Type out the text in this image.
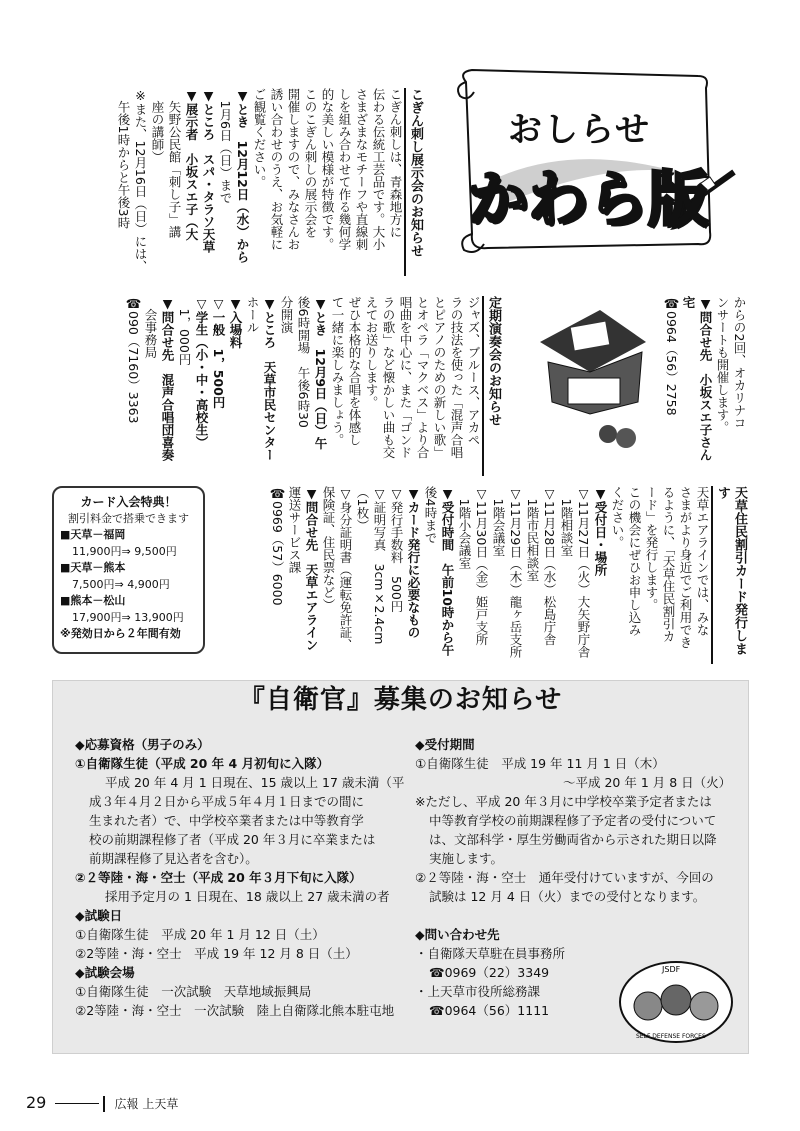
おしらせ
かわら版
こぎん刺し展示会のお知らせ

こぎん刺しは、青森地方に

伝わる伝統工芸品です。大小

さまざまなモチーフや直線刺

しを組み合わせて作る幾何学

的な美しい模様が特徴です。

このこぎん刺しの展示会を

開催しますので、みなさんお

誘い合わせのうえ、お気軽に

ご観覧ください。

▼とき　12月12日（水）から

　1月6日（日）まで

▼ところ　スパ・タラソ天草

▼展示者　小坂スエ子（大

　矢野公民館「刺し子」講

　座の講師）

※また、12月16日（日）には、

　午後1時からと午後3時

からの2回、オカリナコ

ンサートも開催します。

▼問合せ先　小坂スエ子さん宅

☎0964（56）2758

定期演奏会のお知らせ

ジャズ、ブルース、アカペ

ラの技法を使った「混声合唱

とピアノのための新しい歌」

とオペラ「マクベス」より合

唱曲を中心に、また「ゴンド

ラの歌」など懐かしい曲も交

えてお送りします。

ぜひ本格的な合唱を体感し

て一緒に楽しみましょう。

▼とき　12月9日（日）午

後6時開場　午後6時30

分開演

▼ところ　天草市民センター

ホール

▼入場料

▽一般　1，500円

▽学生（小・中・高校生）

　1，000円

▼問合せ先　混声合唱団喜奏

　会事務局

☎090（7160）3363

天草住民割引カード発行します

天草エアラインでは、みな

さまがより身近でご利用でき

るように、「天草住民割引カ

ード」を発行します。

この機会にぜひお申し込み

ください。

▼受付日・場所

▽11月27日（火）大矢野庁舎

　1階相談室

▽11月28日（水）松島庁舎

　1階市民相談室

▽11月29日（木）龍ヶ岳支所

　1階会議室

▽11月30日（金）姫戸支所

　1階小会議室

▼受付時間　午前10時から午

後4時まで

▼カード発行に必要なもの

▽発行手数料　500円

▽証明写真　3cm×2.4cm（1枚）

▽身分証明書（運転免許証、

保険証、住民票など）

▼問合せ先　天草エアライン

運送サービス課

☎0969（57）6000

カード入会特典！
割引料金で搭乗できます
■天草－福岡
11,900円⇒ 9,500円
■天草－熊本
7,500円⇒ 4,900円
■熊本－松山
17,900円⇒ 13,900円
※発効日から２年間有効
『自衛官』募集のお知らせ
◆応募資格（男子のみ）
①自衛隊生徒（平成 20 年 4 月初旬に入隊）
平成 20 年 4 月 1 日現在、15 歳以上 17 歳未満（平
成３年４月２日から平成５年４月１日までの間に
生まれた者）で、中学校卒業者または中等教育学
校の前期課程修了者（平成 20 年３月に卒業または
前期課程修了見込者を含む）。
②２等陸・海・空士（平成 20 年３月下旬に入隊）
採用予定月の 1 日現在、18 歳以上 27 歳未満の者
◆試験日
①自衛隊生徒　平成 20 年 1 月 12 日（土）
②2等陸・海・空士　平成 19 年 12 月 8 日（土）
◆試験会場
①自衛隊生徒　一次試験　天草地域振興局
②2等陸・海・空士　一次試験　陸上自衛隊北熊本駐屯地
◆受付期間
①自衛隊生徒　平成 19 年 11 月 1 日（木）
～平成 20 年 1 月 8 日（火）
※ただし、平成 20 年３月に中学校卒業予定者または
中等教育学校の前期課程修了予定者の受付について
は、文部科学・厚生労働両省から示された期日以降
実施します。
②２等陸・海・空士　通年受付けていますが、今回の
試験は 12 月 4 日（火）までの受付となります。
◆問い合わせ先
・自衛隊天草駐在員事務所
☎0969（22）3349
・上天草市役所総務課
☎0964（56）1111
JSDF
SELF DEFENSE FORCES
29	広報 上天草
